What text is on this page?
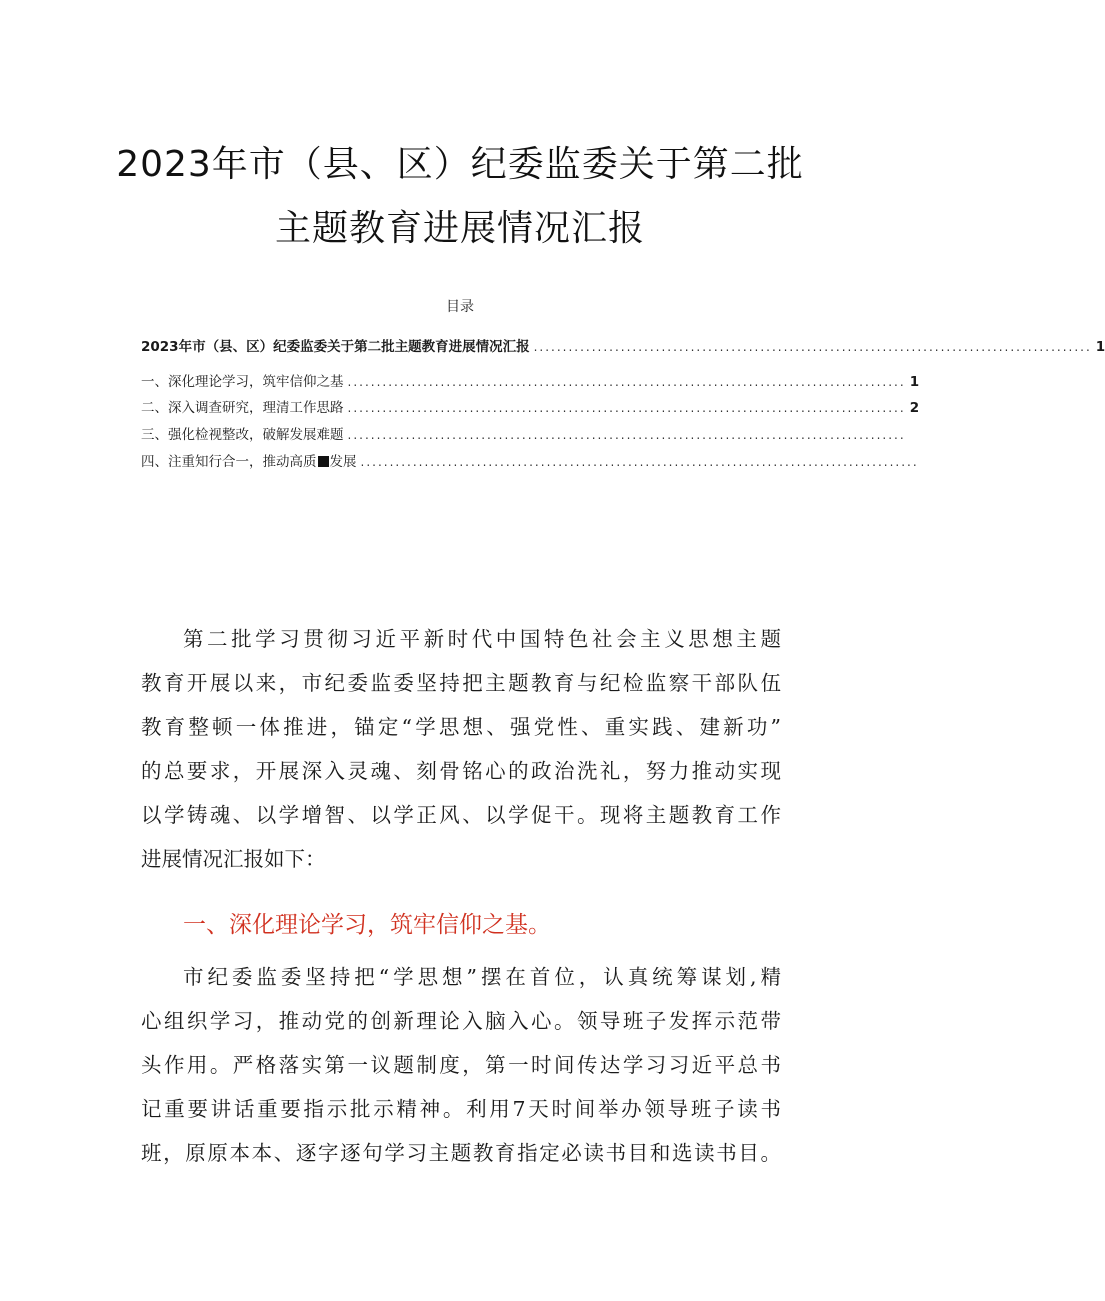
2023年市（县、区）纪委监委关于第二批
主题教育进展情况汇报
目录
2023年市（县、区）纪委监委关于第二批主题教育进展情况汇报 ................................................................................................ 1
一、深化理论学习，筑牢信仰之基 ................................................................................................ 1
二、深入调查研究，理清工作思路 ................................................................................................ 2
三、强化检视整改，破解发展难题 ................................................................................................
四、注重知行合一，推动高质 发展 ................................................................................................
第二批学习贯彻习近平新时代中国特色社会主义思想主题
教育开展以来，市纪委监委坚持把主题教育与纪检监察干部队伍
教育整顿一体推进，锚定“学思想、强党性、重实践、建新功”
的总要求，开展深入灵魂、刻骨铭心的政治洗礼，努力推动实现
以学铸魂、以学增智、以学正风、以学促干。现将主题教育工作
进展情况汇报如下：
一、深化理论学习，筑牢信仰之基。
市纪委监委坚持把“学思想”摆在首位，认真统筹谋划,精
心组织学习，推动党的创新理论入脑入心。领导班子发挥示范带
头作用。严格落实第一议题制度，第一时间传达学习习近平总书
记重要讲话重要指示批示精神。利用7天时间举办领导班子读书
班，原原本本、逐字逐句学习主题教育指定必读书目和选读书目。
